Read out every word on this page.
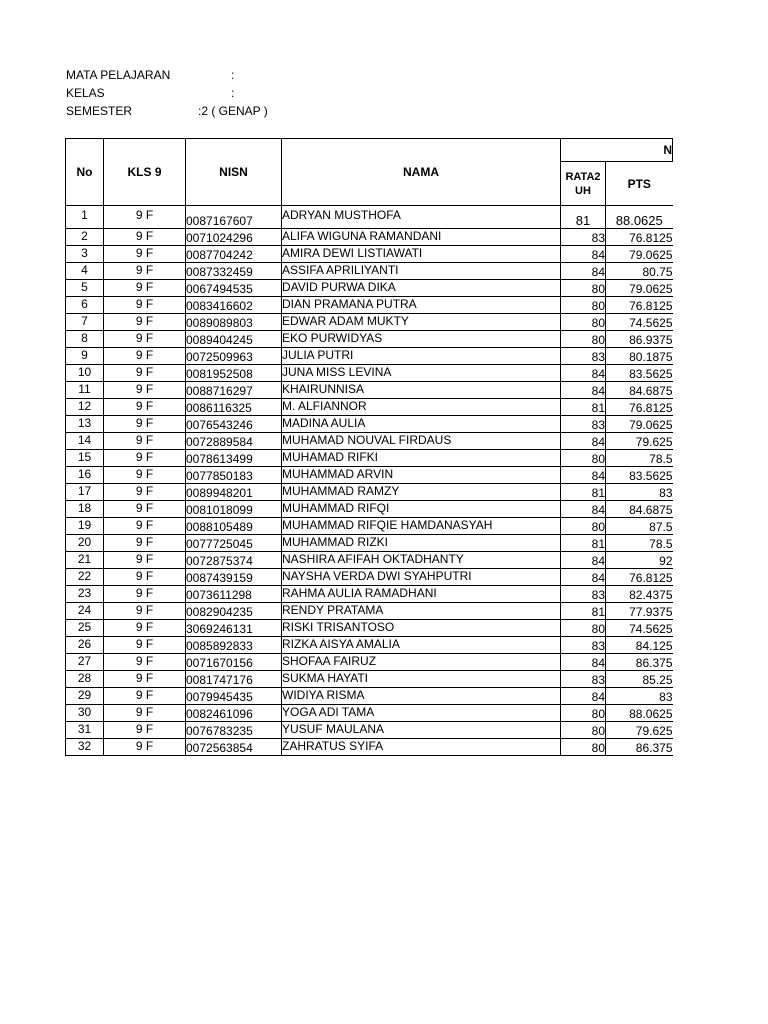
MATA PELAJARAN	:
KELAS	:
SEMESTER	:2 ( GENAP )
No	KLS 9	NISN	NAMA	N	
				RATA2 UH	PTS
1	9 F	0087167607	ADRYAN MUSTHOFA	81	88.0625
2	9 F	0071024296	ALIFA WIGUNA RAMANDANI	83	76.8125
3	9 F	0087704242	AMIRA DEWI LISTIAWATI	84	79.0625
4	9 F	0087332459	ASSIFA APRILIYANTI	84	80.75
5	9 F	0067494535	DAVID PURWA DIKA	80	79.0625
6	9 F	0083416602	DIAN PRAMANA PUTRA	80	76.8125
7	9 F	0089089803	EDWAR ADAM MUKTY	80	74.5625
8	9 F	0089404245	EKO PURWIDYAS	80	86.9375
9	9 F	0072509963	JULIA PUTRI	83	80.1875
10	9 F	0081952508	JUNA MISS LEVINA	84	83.5625
11	9 F	0088716297	KHAIRUNNISA	84	84.6875
12	9 F	0086116325	M. ALFIANNOR	81	76.8125
13	9 F	0076543246	MADINA AULIA	83	79.0625
14	9 F	0072889584	MUHAMAD NOUVAL FIRDAUS	84	79.625
15	9 F	0078613499	MUHAMAD RIFKI	80	78.5
16	9 F	0077850183	MUHAMMAD ARVIN	84	83.5625
17	9 F	0089948201	MUHAMMAD RAMZY	81	83
18	9 F	0081018099	MUHAMMAD RIFQI	84	84.6875
19	9 F	0088105489	MUHAMMAD RIFQIE HAMDANASYAH	80	87.5
20	9 F	0077725045	MUHAMMAD RIZKI	81	78.5
21	9 F	0072875374	NASHIRA AFIFAH OKTADHANTY	84	92
22	9 F	0087439159	NAYSHA VERDA DWI SYAHPUTRI	84	76.8125
23	9 F	0073611298	RAHMA AULIA RAMADHANI	83	82.4375
24	9 F	0082904235	RENDY PRATAMA	81	77.9375
25	9 F	3069246131	RISKI TRISANTOSO	80	74.5625
26	9 F	0085892833	RIZKA AISYA AMALIA	83	84.125
27	9 F	0071670156	SHOFAA FAIRUZ	84	86.375
28	9 F	0081747176	SUKMA HAYATI	83	85.25
29	9 F	0079945435	WIDIYA RISMA	84	83
30	9 F	0082461096	YOGA ADI TAMA	80	88.0625
31	9 F	0076783235	YUSUF MAULANA	80	79.625
32	9 F	0072563854	ZAHRATUS SYIFA	80	86.375
